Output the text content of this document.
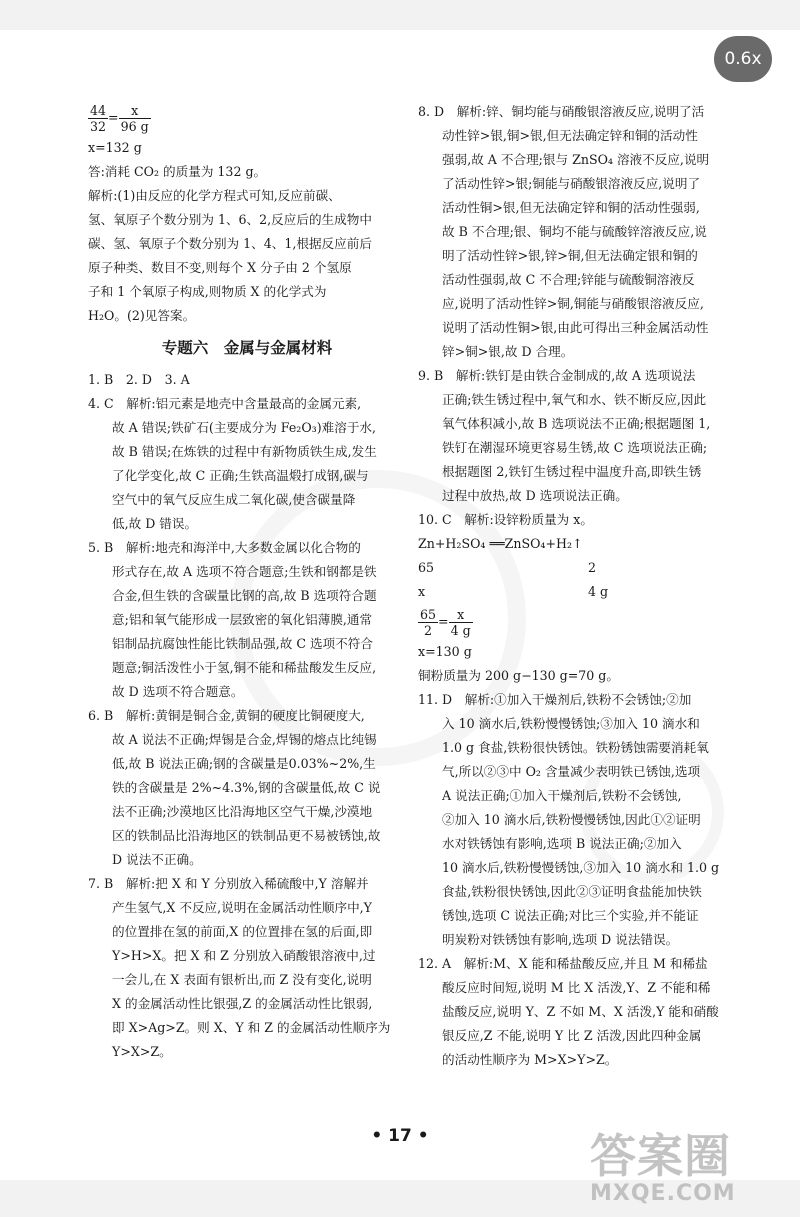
0.6x
$\frac{44}{32} = \frac{x}{96 g}$
x=132 g
答:消耗 CO₂ 的质量为 132 g。
解析:(1)由反应的化学方程式可知,反应前碳、
氢、氧原子个数分别为 1、6、2,反应后的生成物中
碳、氢、氧原子个数分别为 1、4、1,根据反应前后
原子种类、数目不变,则每个 X 分子由 2 个氢原
子和 1 个氧原子构成,则物质 X 的化学式为
H₂O。(2)见答案。
专题六　金属与金属材料
1. B　2. D　3. A
4. C　解析:铝元素是地壳中含量最高的金属元素,
故 A 错误;铁矿石(主要成分为 Fe₂O₃)难溶于水,
故 B 错误;在炼铁的过程中有新物质铁生成,发生
了化学变化,故 C 正确;生铁高温煅打成钢,碳与
空气中的氧气反应生成二氧化碳,使含碳量降
低,故 D 错误。
5. B　解析:地壳和海洋中,大多数金属以化合物的
形式存在,故 A 选项不符合题意;生铁和钢都是铁
合金,但生铁的含碳量比钢的高,故 B 选项符合题
意;铝和氧气能形成一层致密的氧化铝薄膜,通常
铝制品抗腐蚀性能比铁制品强,故 C 选项不符合
题意;铜活泼性小于氢,铜不能和稀盐酸发生反应,
故 D 选项不符合题意。
6. B　解析:黄铜是铜合金,黄铜的硬度比铜硬度大,
故 A 说法不正确;焊锡是合金,焊锡的熔点比纯锡
低,故 B 说法正确;钢的含碳量是0.03%~2%,生
铁的含碳量是 2%~4.3%,钢的含碳量低,故 C 说
法不正确;沙漠地区比沿海地区空气干燥,沙漠地
区的铁制品比沿海地区的铁制品更不易被锈蚀,故
D 说法不正确。
7. B　解析:把 X 和 Y 分别放入稀硫酸中,Y 溶解并
产生氢气,X 不反应,说明在金属活动性顺序中,Y
的位置排在氢的前面,X 的位置排在氢的后面,即
Y>H>X。把 X 和 Z 分别放入硝酸银溶液中,过
一会儿,在 X 表面有银析出,而 Z 没有变化,说明
X 的金属活动性比银强,Z 的金属活动性比银弱,
即 X>Ag>Z。则 X、Y 和 Z 的金属活动性顺序为
Y>X>Z。
8. D　解析:锌、铜均能与硝酸银溶液反应,说明了活
动性锌>银,铜>银,但无法确定锌和铜的活动性
强弱,故 A 不合理;银与 ZnSO₄ 溶液不反应,说明
了活动性锌>银;铜能与硝酸银溶液反应,说明了
活动性铜>银,但无法确定锌和铜的活动性强弱,
故 B 不合理;银、铜均不能与硫酸锌溶液反应,说
明了活动性锌>银,锌>铜,但无法确定银和铜的
活动性强弱,故 C 不合理;锌能与硫酸铜溶液反
应,说明了活动性锌>铜,铜能与硝酸银溶液反应,
说明了活动性铜>银,由此可得出三种金属活动性
锌>铜>银,故 D 合理。
9. B　解析:铁钉是由铁合金制成的,故 A 选项说法
正确;铁生锈过程中,氧气和水、铁不断反应,因此
氧气体积减小,故 B 选项说法不正确;根据题图 1,
铁钉在潮湿环境更容易生锈,故 C 选项说法正确;
根据题图 2,铁钉生锈过程中温度升高,即铁生锈
过程中放热,故 D 选项说法正确。
10. C　解析:设锌粉质量为 x。
Zn+H₂SO₄ ══ZnSO₄+H₂↑
65	2
x	4 g
$\frac{65}{2} = \frac{x}{4 g}$
x=130 g
铜粉质量为 200 g−130 g=70 g。
11. D　解析:①加入干燥剂后,铁粉不会锈蚀;②加
入 10 滴水后,铁粉慢慢锈蚀;③加入 10 滴水和
1.0 g 食盐,铁粉很快锈蚀。铁粉锈蚀需要消耗氧
气,所以②③中 O₂ 含量减少表明铁已锈蚀,选项
A 说法正确;①加入干燥剂后,铁粉不会锈蚀,
②加入 10 滴水后,铁粉慢慢锈蚀,因此①②证明
水对铁锈蚀有影响,选项 B 说法正确;②加入
10 滴水后,铁粉慢慢锈蚀,③加入 10 滴水和 1.0 g
食盐,铁粉很快锈蚀,因此②③证明食盐能加快铁
锈蚀,选项 C 说法正确;对比三个实验,并不能证
明炭粉对铁锈蚀有影响,选项 D 说法错误。
12. A　解析:M、X 能和稀盐酸反应,并且 M 和稀盐
酸反应时间短,说明 M 比 X 活泼,Y、Z 不能和稀
盐酸反应,说明 Y、Z 不如 M、X 活泼,Y 能和硝酸
银反应,Z 不能,说明 Y 比 Z 活泼,因此四种金属
的活动性顺序为 M>X>Y>Z。
• 17 •	答案圈
MXQE.COM
